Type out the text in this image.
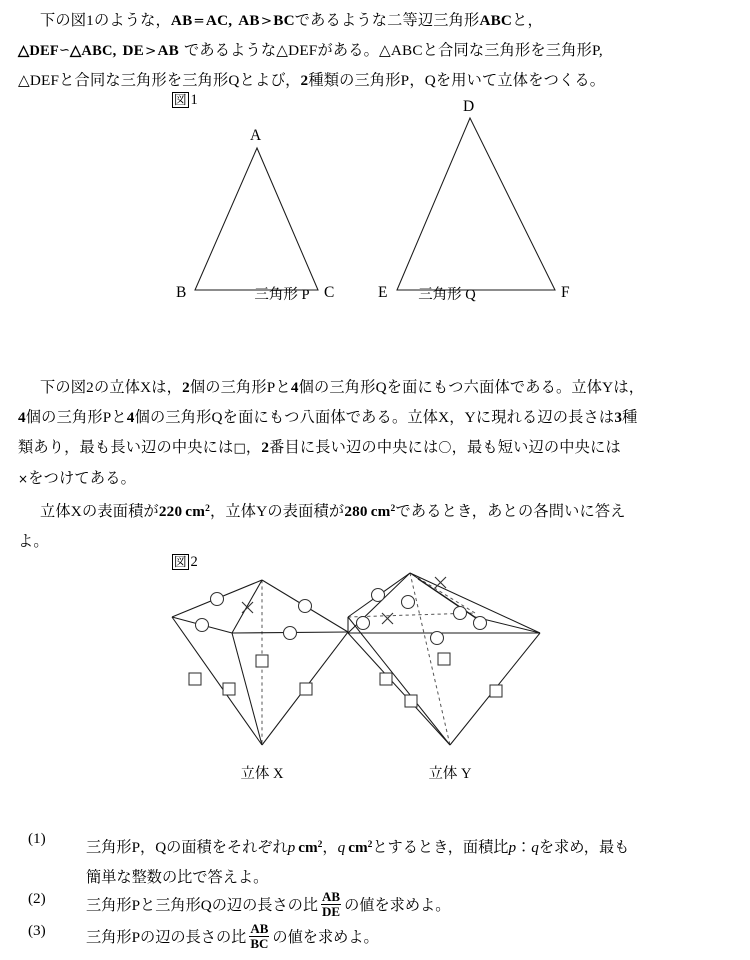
下の図1のような，AB=AC, AB>BCであるような二等辺三角形ABCと，
△DEF∽△ABC, DE>AB であるような△DEFがある。△ABCと合同な三角形を三角形P,
△DEFと合同な三角形を三角形Qとよび，2種類の三角形P，Qを用いて立体をつくる。
図 1
A
B	C
D
E	F
三角形 P	三角形 Q
下の図2の立体Xは，2個の三角形Pと4個の三角形Qを面にもつ六面体である。立体Yは，
4個の三角形Pと4個の三角形Qを面にもつ八面体である。立体X，Yに現れる辺の長さは3種
類あり，最も長い辺の中央には□，2番目に長い辺の中央には〇，最も短い辺の中央には
×をつけてある。
立体Xの表面積が220 $cm^2$，立体Yの表面積が280 $cm^2$であるとき，あとの各問いに答え
よ。
図 2
立体 X	立体 Y
(1)
三角形P，Qの面積をそれぞれp $cm^2$，q $cm^2$とするとき，面積比p：qを求め，最も
簡単な整数の比で答えよ。
(2)	三角形Pと三角形Qの辺の長さの比 $\frac{AB}{DE}$ の値を求めよ。
(3)	三角形Pの辺の長さの比 $\frac{AB}{BC}$ の値を求めよ。
